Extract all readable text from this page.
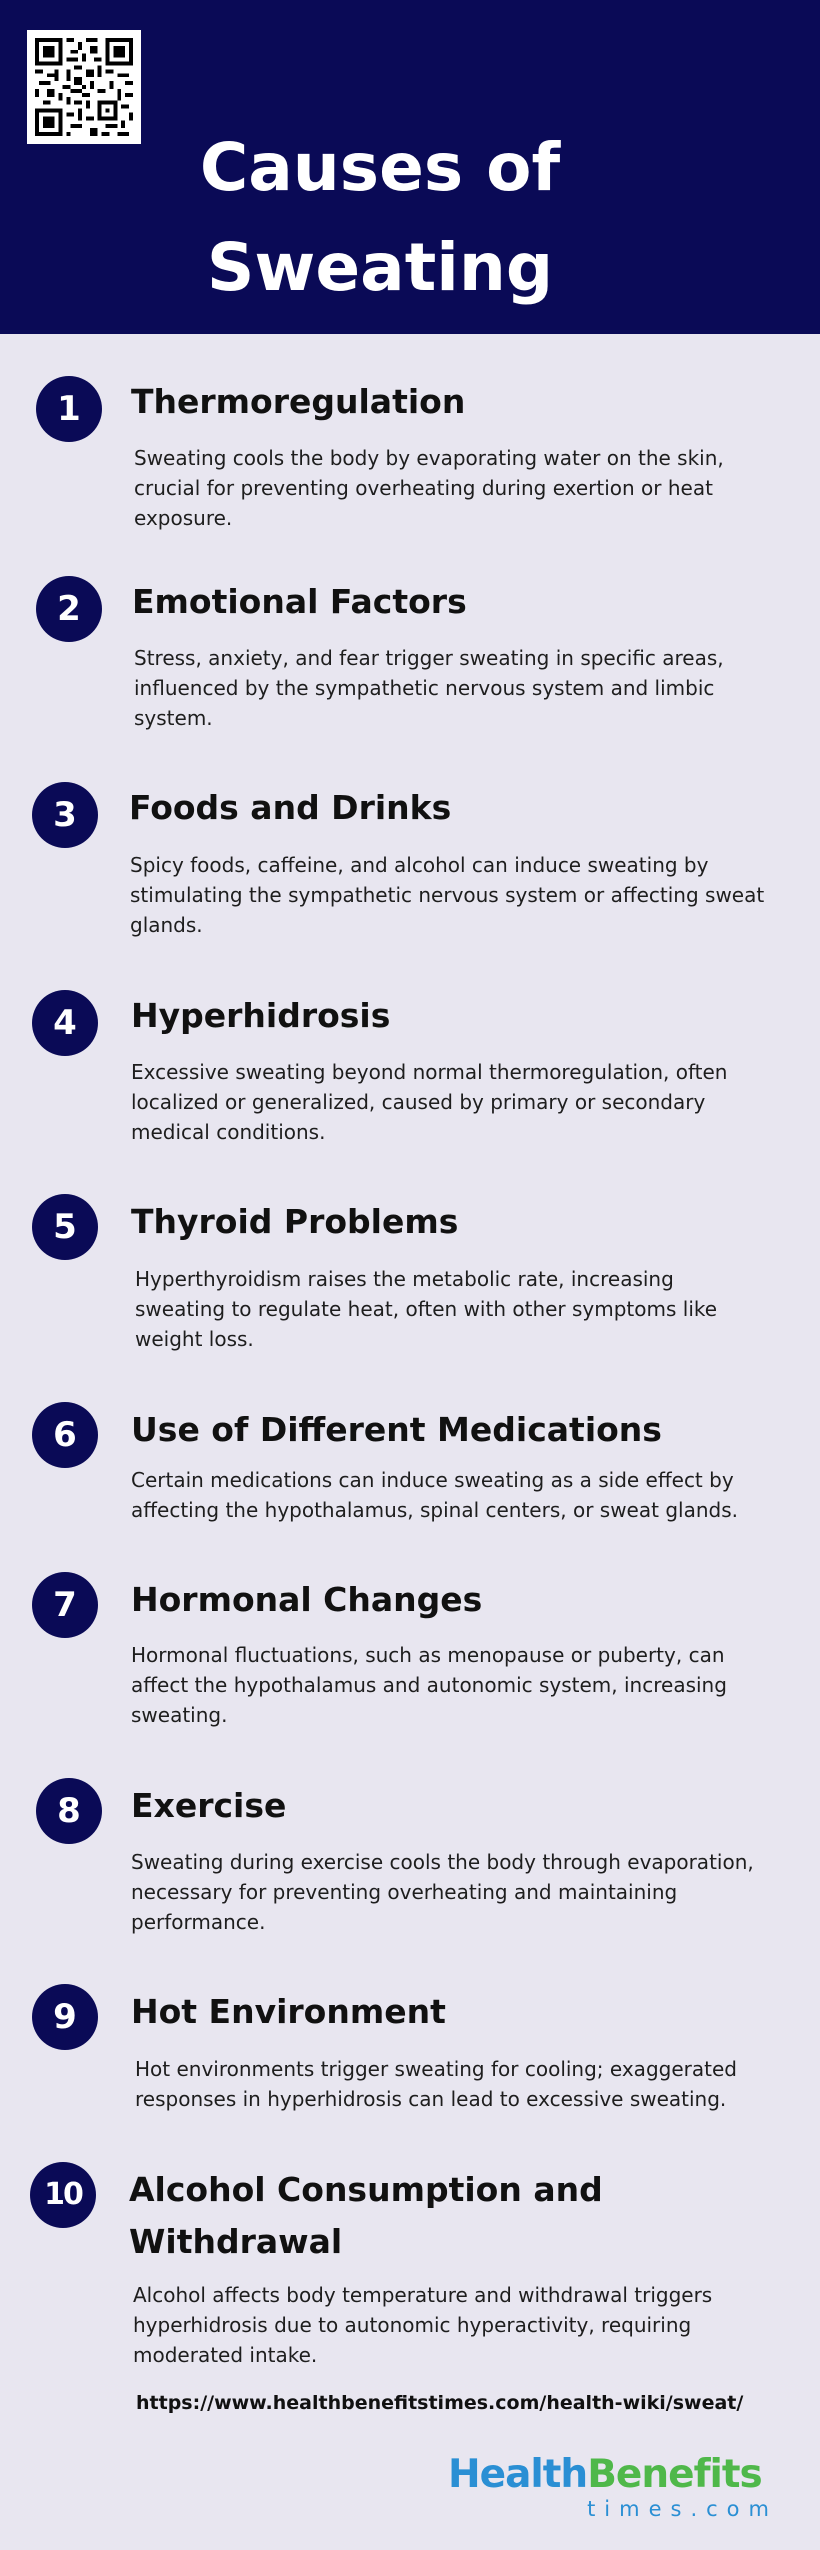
Causes of
Sweating
1	Thermoregulation
Sweating cools the body by evaporating water on the skin,
crucial for preventing overheating during exertion or heat
exposure.
2	Emotional Factors
Stress, anxiety, and fear trigger sweating in specific areas,
influenced by the sympathetic nervous system and limbic
system.
3	Foods and Drinks
Spicy foods, caffeine, and alcohol can induce sweating by
stimulating the sympathetic nervous system or affecting sweat
glands.
4	Hyperhidrosis
Excessive sweating beyond normal thermoregulation, often
localized or generalized, caused by primary or secondary
medical conditions.
5	Thyroid Problems
Hyperthyroidism raises the metabolic rate, increasing
sweating to regulate heat, often with other symptoms like
weight loss.
6	Use of Different Medications
Certain medications can induce sweating as a side effect by
affecting the hypothalamus, spinal centers, or sweat glands.
7	Hormonal Changes
Hormonal fluctuations, such as menopause or puberty, can
affect the hypothalamus and autonomic system, increasing
sweating.
8	Exercise
Sweating during exercise cools the body through evaporation,
necessary for preventing overheating and maintaining
performance.
9	Hot Environment
Hot environments trigger sweating for cooling; exaggerated
responses in hyperhidrosis can lead to excessive sweating.
10	Alcohol Consumption and
Withdrawal
Alcohol affects body temperature and withdrawal triggers
hyperhidrosis due to autonomic hyperactivity, requiring
moderated intake.
https://www.healthbenefitstimes.com/health-wiki/sweat/
HealthBenefits
times.com
